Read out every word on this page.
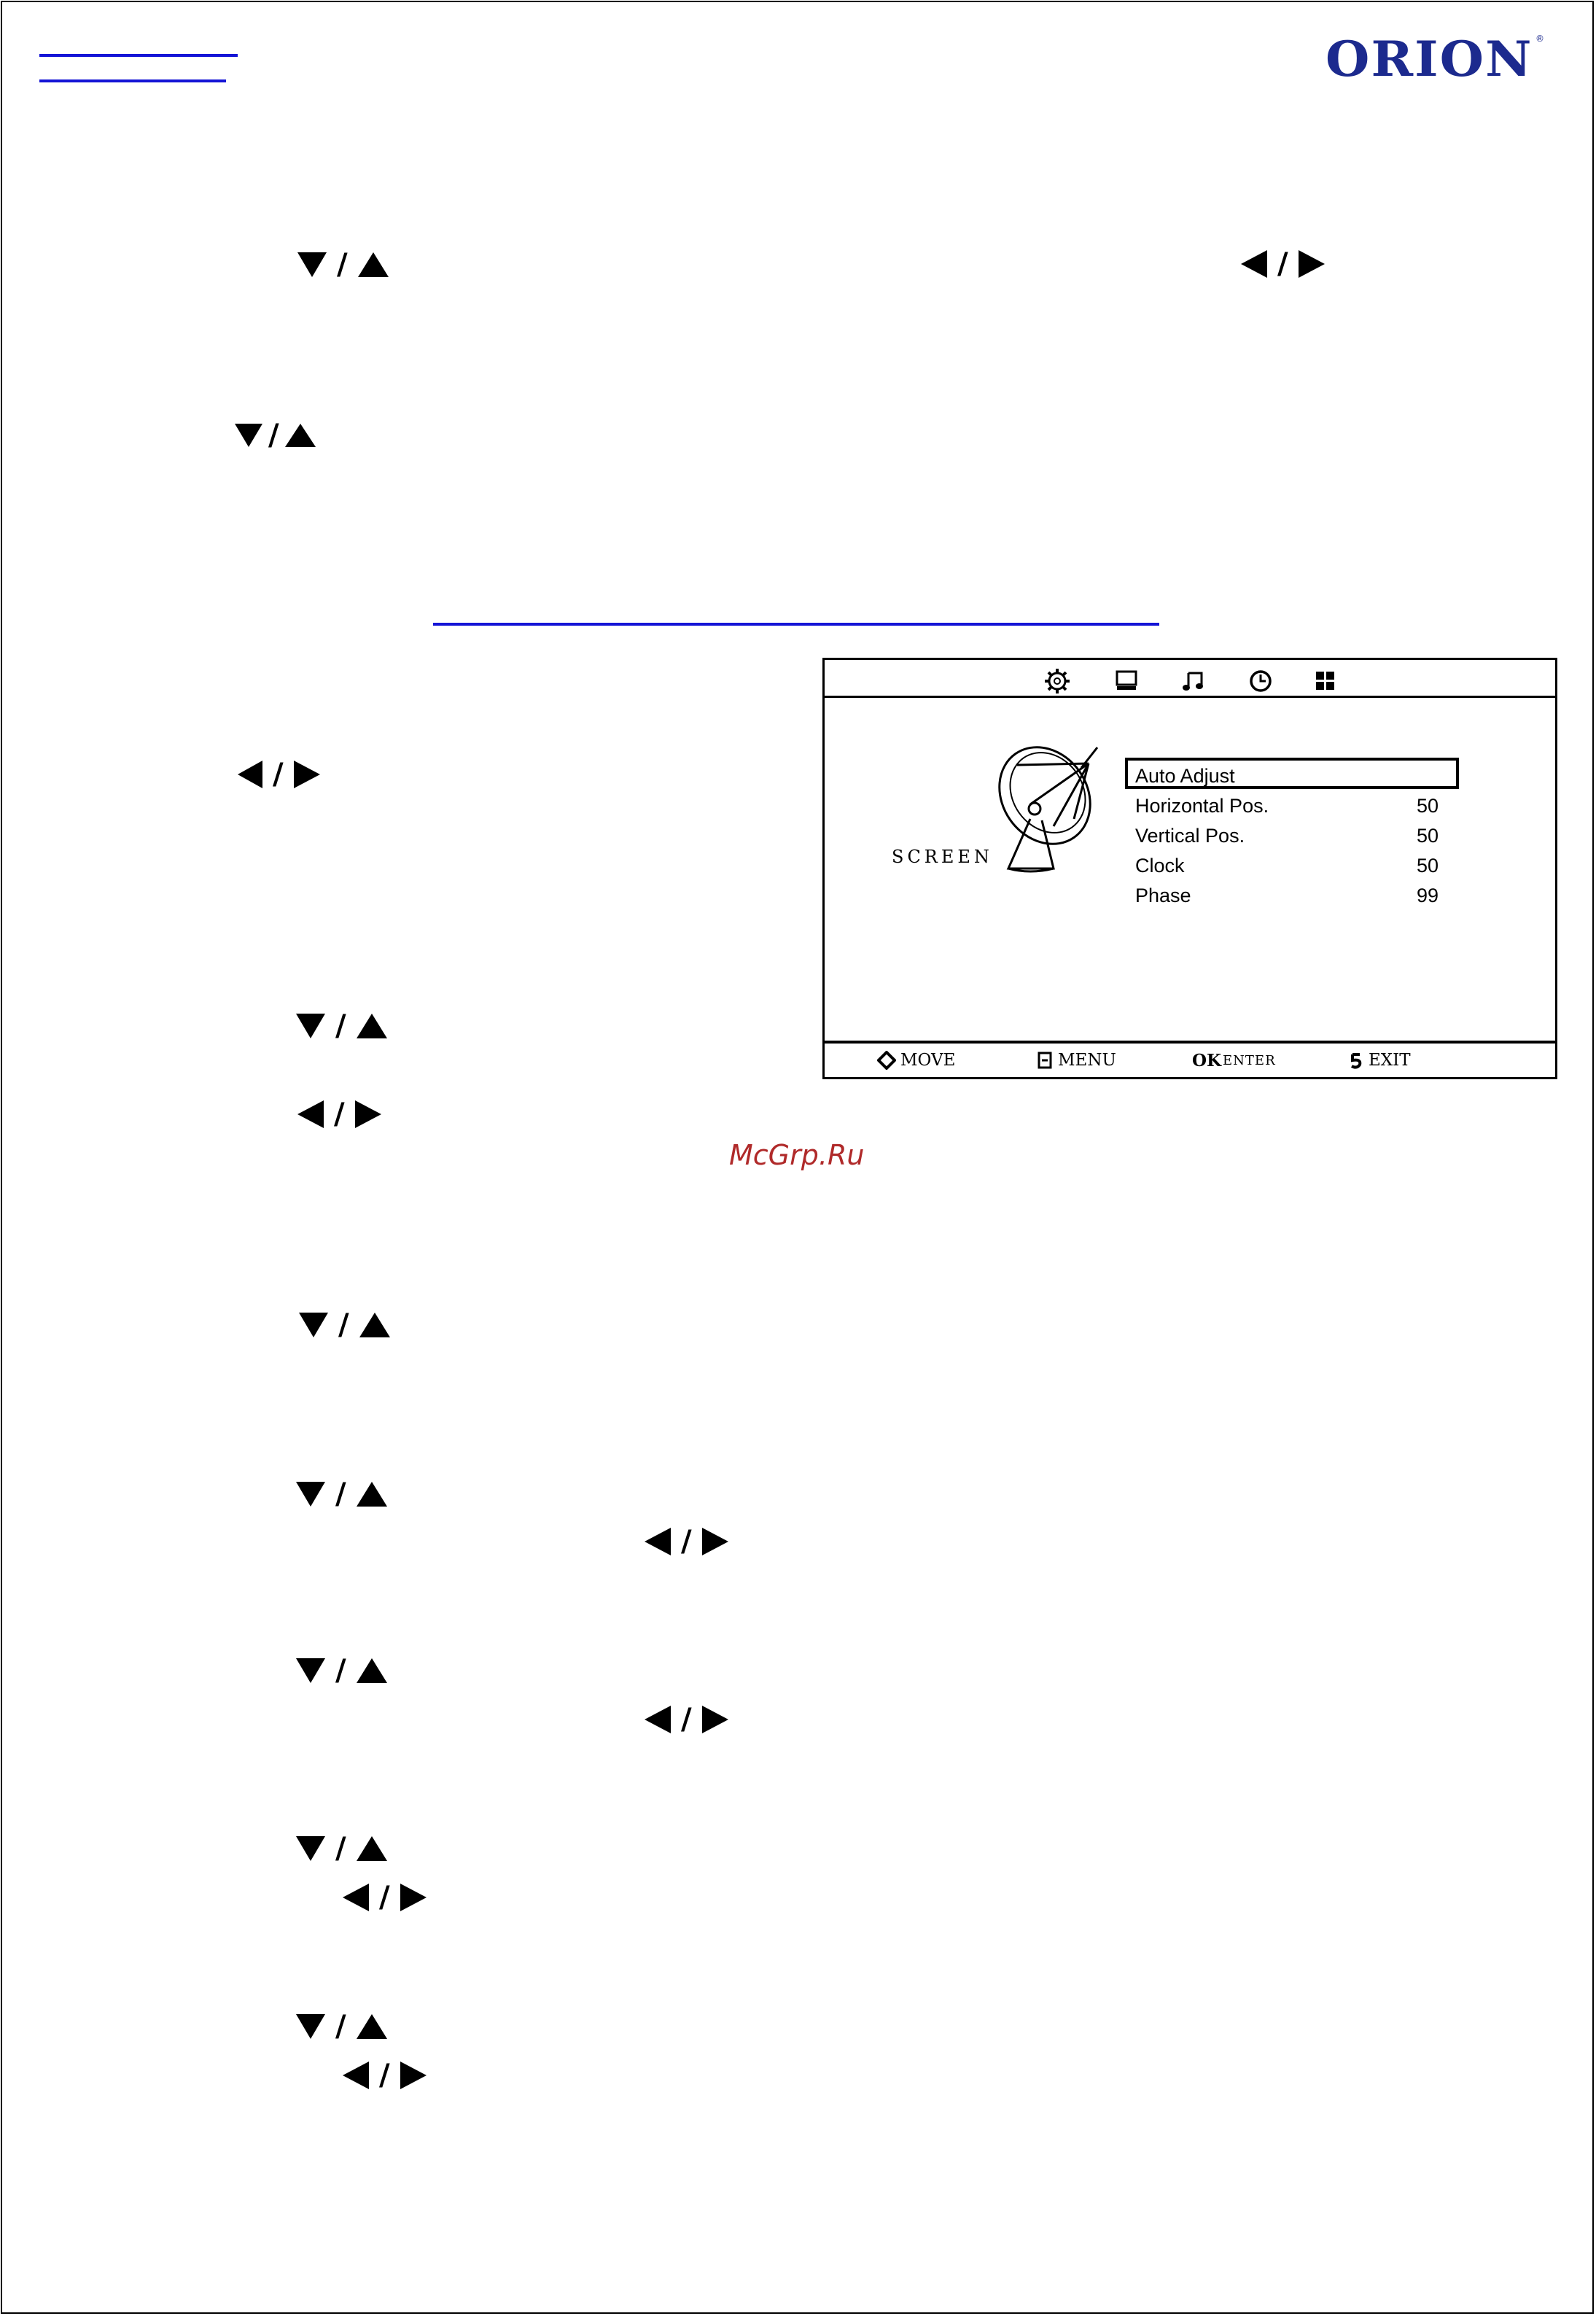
ORION ®
/	/
/
/
/
/
/
/
/
/
/
/
/
/
/
McGrp.Ru
SCREEN
Auto Adjust
Horizontal Pos.	50
Vertical Pos.	50
Clock	50
Phase	99
MOVE	MENU	OK ENTER	EXIT
